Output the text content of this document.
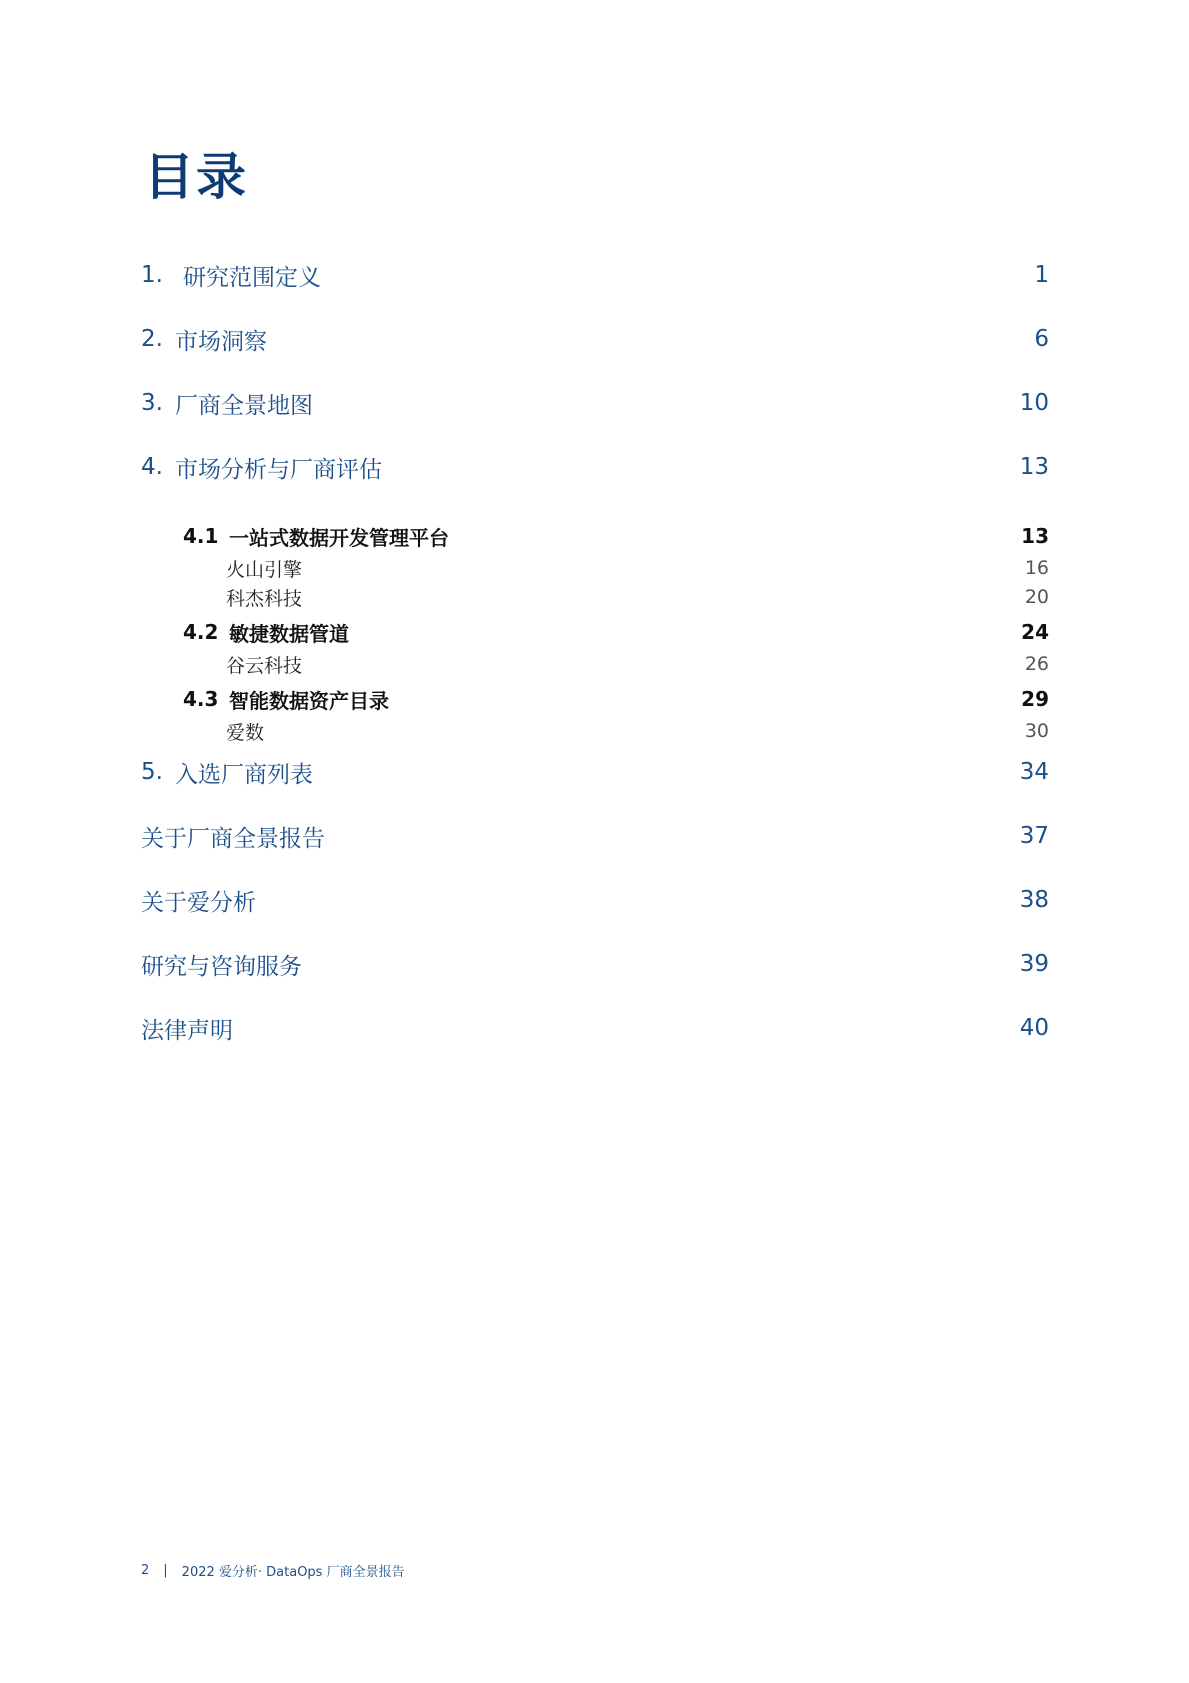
目录
1. 研究范围定义	1
2. 市场洞察	6
3. 厂商全景地图	10
4. 市场分析与厂商评估	13
4.1 一站式数据开发管理平台	13
火山引擎	16
科杰科技	20
4.2 敏捷数据管道	24
谷云科技	26
4.3 智能数据资产目录	29
爱数	30
5. 入选厂商列表	34
关于厂商全景报告	37
关于爱分析	38
研究与咨询服务	39
法律声明	40
2 | 2022 爱分析· DataOps 厂商全景报告
